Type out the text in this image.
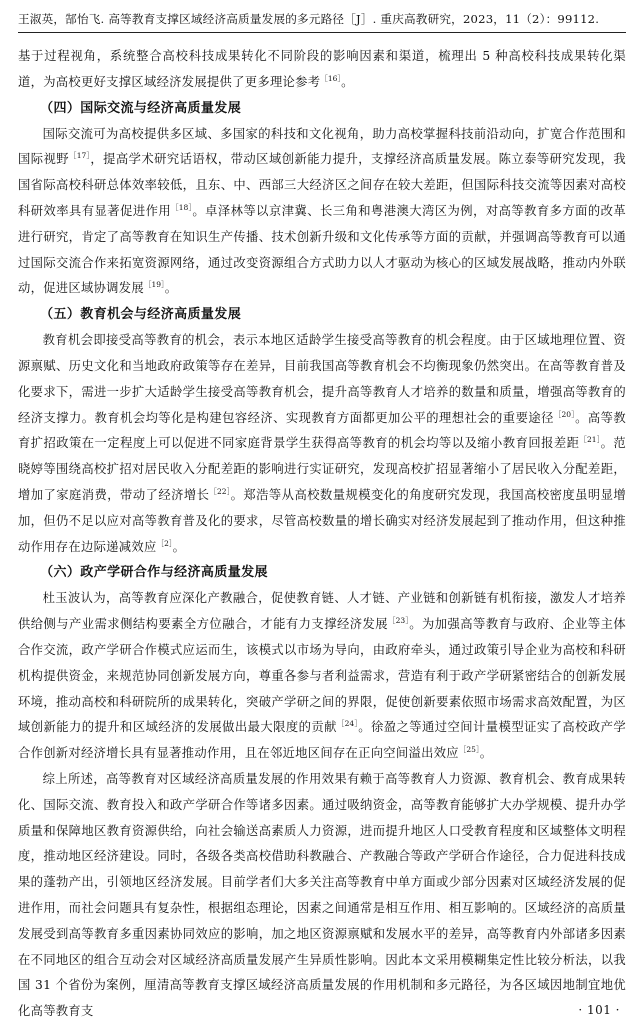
王淑英，郜怡飞. 高等教育支撑区域经济高质量发展的多元路径［J］. 重庆高教研究，2023，11（2）：99112.

基于过程视角，系统整合高校科技成果转化不同阶段的影响因素和渠道，梳理出 5 种高校科技成果转化渠道，为高校更好支撑区域经济发展提供了更多理论参考$^{[16]}$。

（四）国际交流与经济高质量发展

国际交流可为高校提供多区域、多国家的科技和文化视角，助力高校掌握科技前沿动向，扩宽合作范围和国际视野$^{[17]}$，提高学术研究话语权，带动区域创新能力提升，支撑经济高质量发展。陈立泰等研究发现，我国省际高校科研总体效率较低，且东、中、西部三大经济区之间存在较大差距，但国际科技交流等因素对高校科研效率具有显著促进作用$^{[18]}$。卓泽林等以京津冀、长三角和粤港澳大湾区为例，对高等教育多方面的改革进行研究，肯定了高等教育在知识生产传播、技术创新升级和文化传承等方面的贡献，并强调高等教育可以通过国际交流合作来拓宽资源网络，通过改变资源组合方式助力以人才驱动为核心的区域发展战略，推动内外联动，促进区域协调发展$^{[19]}$。

（五）教育机会与经济高质量发展

教育机会即接受高等教育的机会，表示本地区适龄学生接受高等教育的机会程度。由于区域地理位置、资源禀赋、历史文化和当地政府政策等存在差异，目前我国高等教育机会不均衡现象仍然突出。在高等教育普及化要求下，需进一步扩大适龄学生接受高等教育机会，提升高等教育人才培养的数量和质量，增强高等教育的经济支撑力。教育机会均等化是构建包容经济、实现教育方面都更加公平的理想社会的重要途径$^{[20]}$。高等教育扩招政策在一定程度上可以促进不同家庭背景学生获得高等教育的机会均等以及缩小教育回报差距$^{[21]}$。范晓婷等围绕高校扩招对居民收入分配差距的影响进行实证研究，发现高校扩招显著缩小了居民收入分配差距，增加了家庭消费，带动了经济增长$^{[22]}$。郑浩等从高校数量规模变化的角度研究发现，我国高校密度虽明显增加，但仍不足以应对高等教育普及化的要求，尽管高校数量的增长确实对经济发展起到了推动作用，但这种推动作用存在边际递减效应$^{[2]}$。

（六）政产学研合作与经济高质量发展

杜玉波认为，高等教育应深化产教融合，促使教育链、人才链、产业链和创新链有机衔接，激发人才培养供给侧与产业需求侧结构要素全方位融合，才能有力支撑经济发展$^{[23]}$。为加强高等教育与政府、企业等主体合作交流，政产学研合作模式应运而生，该模式以市场为导向，由政府牵头，通过政策引导企业为高校和科研机构提供资金，来规范协同创新发展方向，尊重各参与者利益需求，营造有利于政产学研紧密结合的创新发展环境，推动高校和科研院所的成果转化，突破产学研之间的界限，促使创新要素依照市场需求高效配置，为区域创新能力的提升和区域经济的发展做出最大限度的贡献$^{[24]}$。徐盈之等通过空间计量模型证实了高校政产学合作创新对经济增长具有显著推动作用，且在邻近地区间存在正向空间溢出效应$^{[25]}$。

综上所述，高等教育对区域经济高质量发展的作用效果有赖于高等教育人力资源、教育机会、教育成果转化、国际交流、教育投入和政产学研合作等诸多因素。通过吸纳资金，高等教育能够扩大办学规模、提升办学质量和保障地区教育资源供给，向社会输送高素质人力资源，进而提升地区人口受教育程度和区域整体文明程度，推动地区经济建设。同时，各级各类高校借助科教融合、产教融合等政产学研合作途径，合力促进科技成果的蓬勃产出，引领地区经济发展。目前学者们大多关注高等教育中单方面或少部分因素对区域经济发展的促进作用，而社会问题具有复杂性，根据组态理论，因素之间通常是相互作用、相互影响的。区域经济的高质量发展受到高等教育多重因素协同效应的影响，加之地区资源禀赋和发展水平的差异，高等教育内外部诸多因素在不同地区的组合互动会对区域经济高质量发展产生异质性影响。因此本文采用模糊集定性比较分析法，以我国 31 个省份为案例，厘清高等教育支撑区域经济高质量发展的作用机制和多元路径，为各区域因地制宜地优化高等教育支	· 101 ·
